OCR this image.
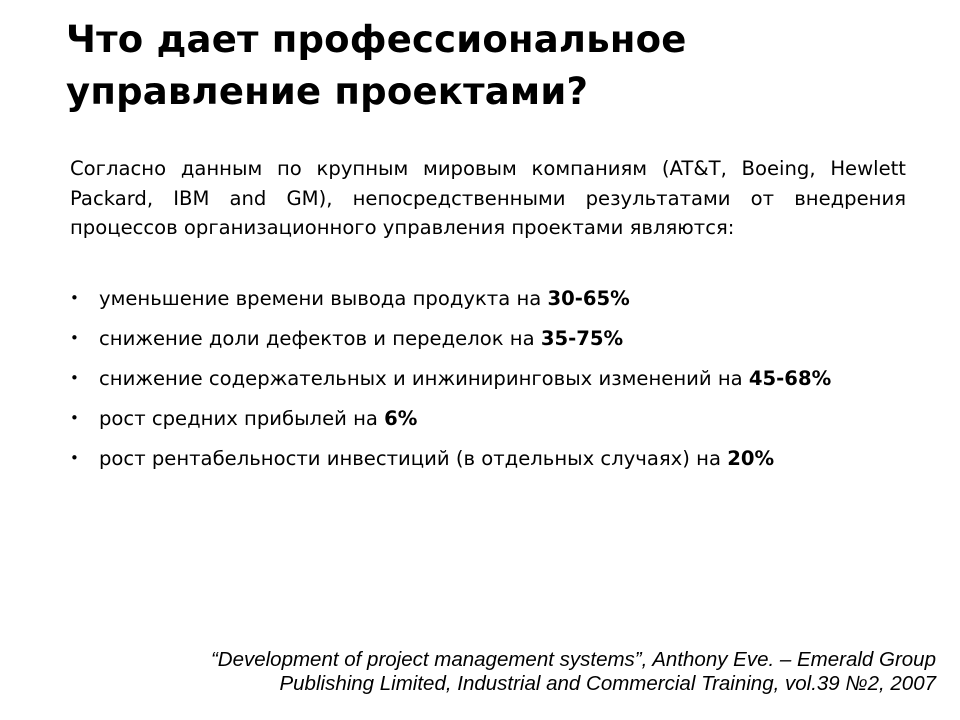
Что дает профессиональное
управление проектами?

Согласно данным по крупным мировым компаниям (AT&T, Boeing, Hewlett Packard, IBM and GM), непосредственными результатами от внедрения процессов организационного управления проектами являются:

• уменьшение времени вывода продукта на 30-65%
• снижение доли дефектов и переделок на 35-75%
• снижение содержательных и инжиниринговых изменений на 45-68%
• рост средних прибылей на 6%
• рост рентабельности инвестиций (в отдельных случаях) на 20%

“Development of project management systems”, Anthony Eve. – Emerald Group
Publishing Limited, Industrial and Commercial Training, vol.39 №2, 2007
